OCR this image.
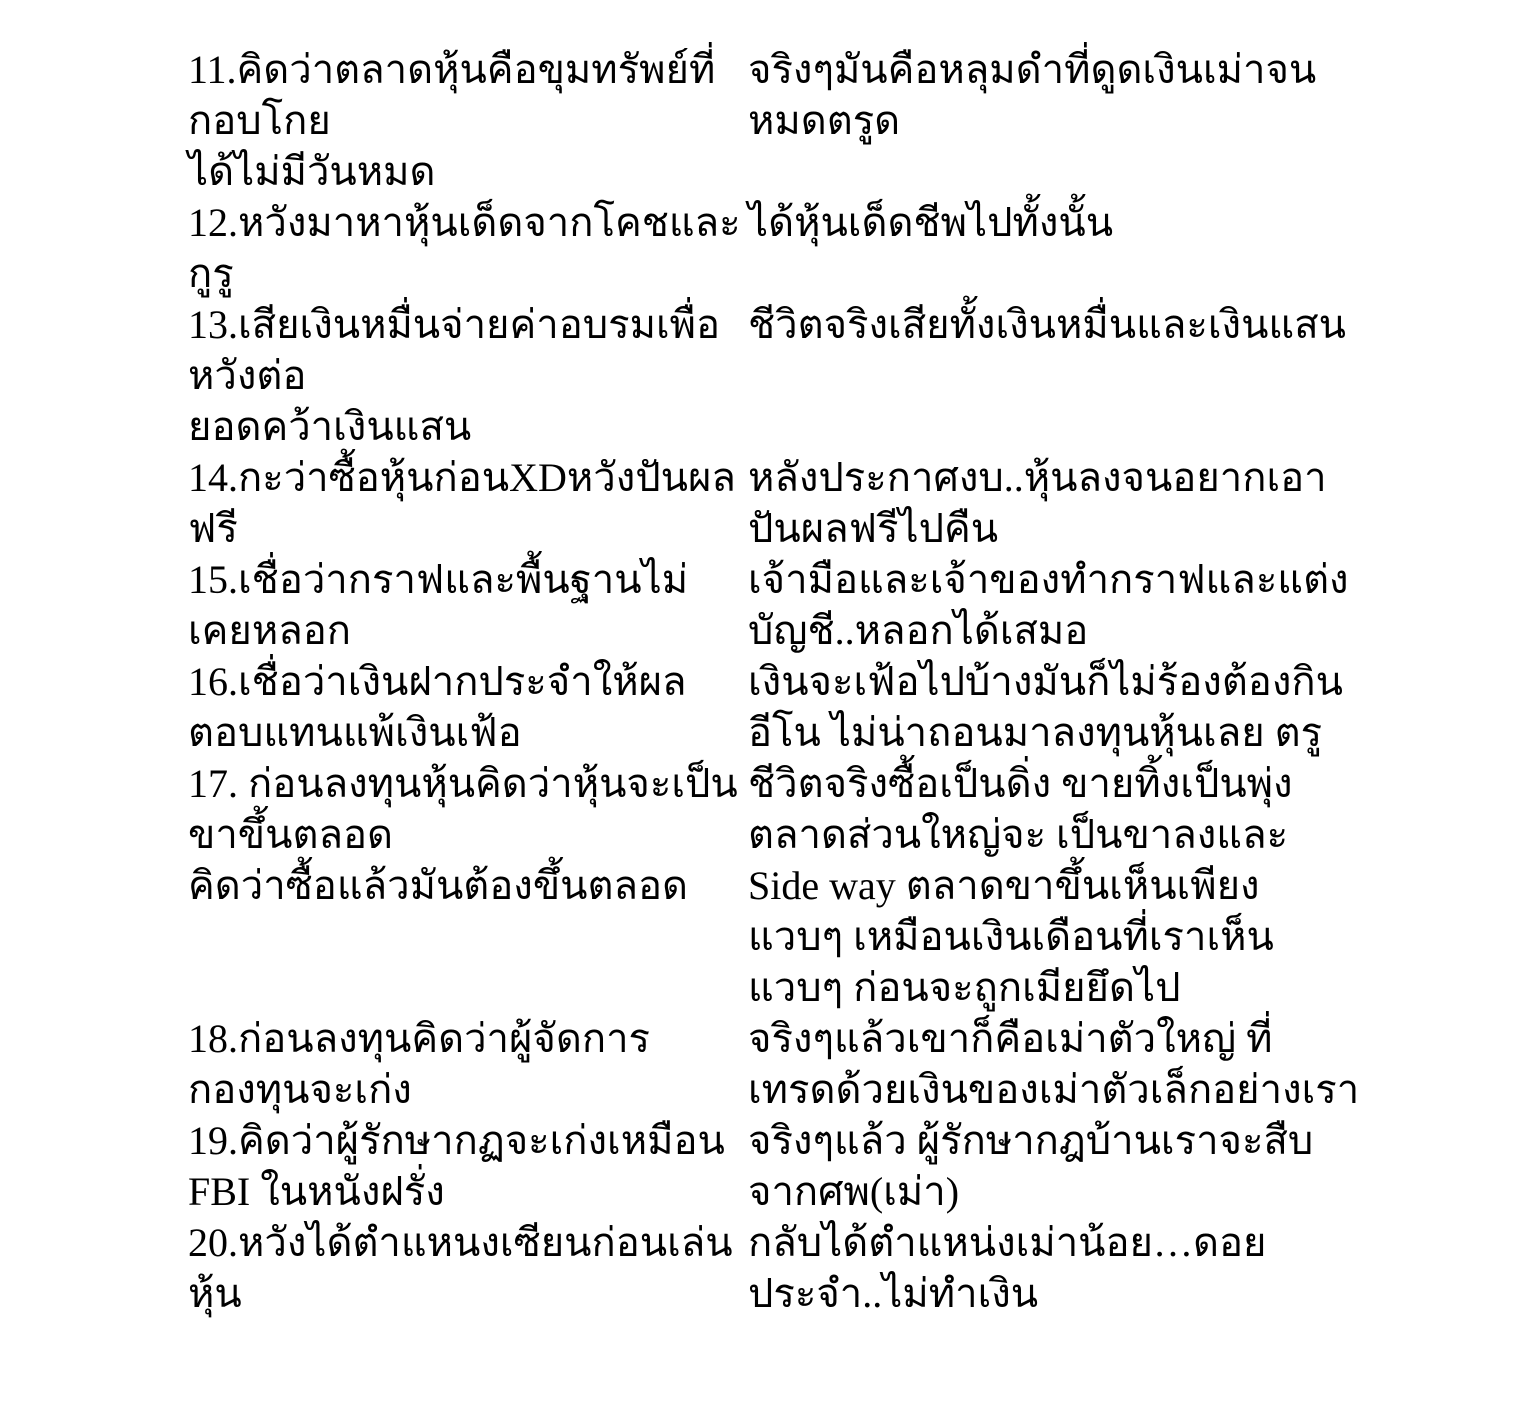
11.คิดว่าตลาดหุ้นคือขุมทรัพย์ที่
กอบโกย
ได้ไม่มีวันหมด
จริงๆมันคือหลุมดำที่ดูดเงินเม่าจน
หมดตรูด
12.หวังมาหาหุ้นเด็ดจากโคชและ
กูรู
ได้หุ้นเด็ดชีพไปทั้งนั้น
13.เสียเงินหมื่นจ่ายค่าอบรมเพื่อ
หวังต่อ
ยอดคว้าเงินแสน
ชีวิตจริงเสียทั้งเงินหมื่นและเงินแสน
14.กะว่าซื้อหุ้นก่อนXDหวังปันผล
ฟรี
หลังประกาศงบ..หุ้นลงจนอยากเอา
ปันผลฟรีไปคืน
15.เชื่อว่ากราฟและพื้นฐานไม่
เคยหลอก
เจ้ามือและเจ้าของทำกราฟและแต่ง
บัญชี..หลอกได้เสมอ
16.เชื่อว่าเงินฝากประจำให้ผล
ตอบแทนแพ้เงินเฟ้อ
เงินจะเฟ้อไปบ้างมันก็ไม่ร้องต้องกิน
อีโน ไม่น่าถอนมาลงทุนหุ้นเลย ตรู
17. ก่อนลงทุนหุ้นคิดว่าหุ้นจะเป็น
ขาขึ้นตลอด
คิดว่าซื้อแล้วมันต้องขึ้นตลอด
ชีวิตจริงซื้อเป็นดิ่ง ขายทิ้งเป็นพุ่ง
ตลาดส่วนใหญ่จะ เป็นขาลงและ
Side way ตลาดขาขึ้นเห็นเพียง
แวบๆ เหมือนเงินเดือนที่เราเห็น
แวบๆ ก่อนจะถูกเมียยึดไป
18.ก่อนลงทุนคิดว่าผู้จัดการ
กองทุนจะเก่ง
จริงๆแล้วเขาก็คือเม่าตัวใหญ่ ที่
เทรดด้วยเงินของเม่าตัวเล็กอย่างเรา
19.คิดว่าผู้รักษากฏจะเก่งเหมือน
FBI ในหนังฝรั่ง
จริงๆแล้ว ผู้รักษากฎบ้านเราจะสืบ
จากศพ(เม่า)
20.หวังได้ตำแหนงเซียนก่อนเล่น
หุ้น
กลับได้ตำแหน่งเม่าน้อย…ดอย
ประจำ..ไม่ทำเงิน
